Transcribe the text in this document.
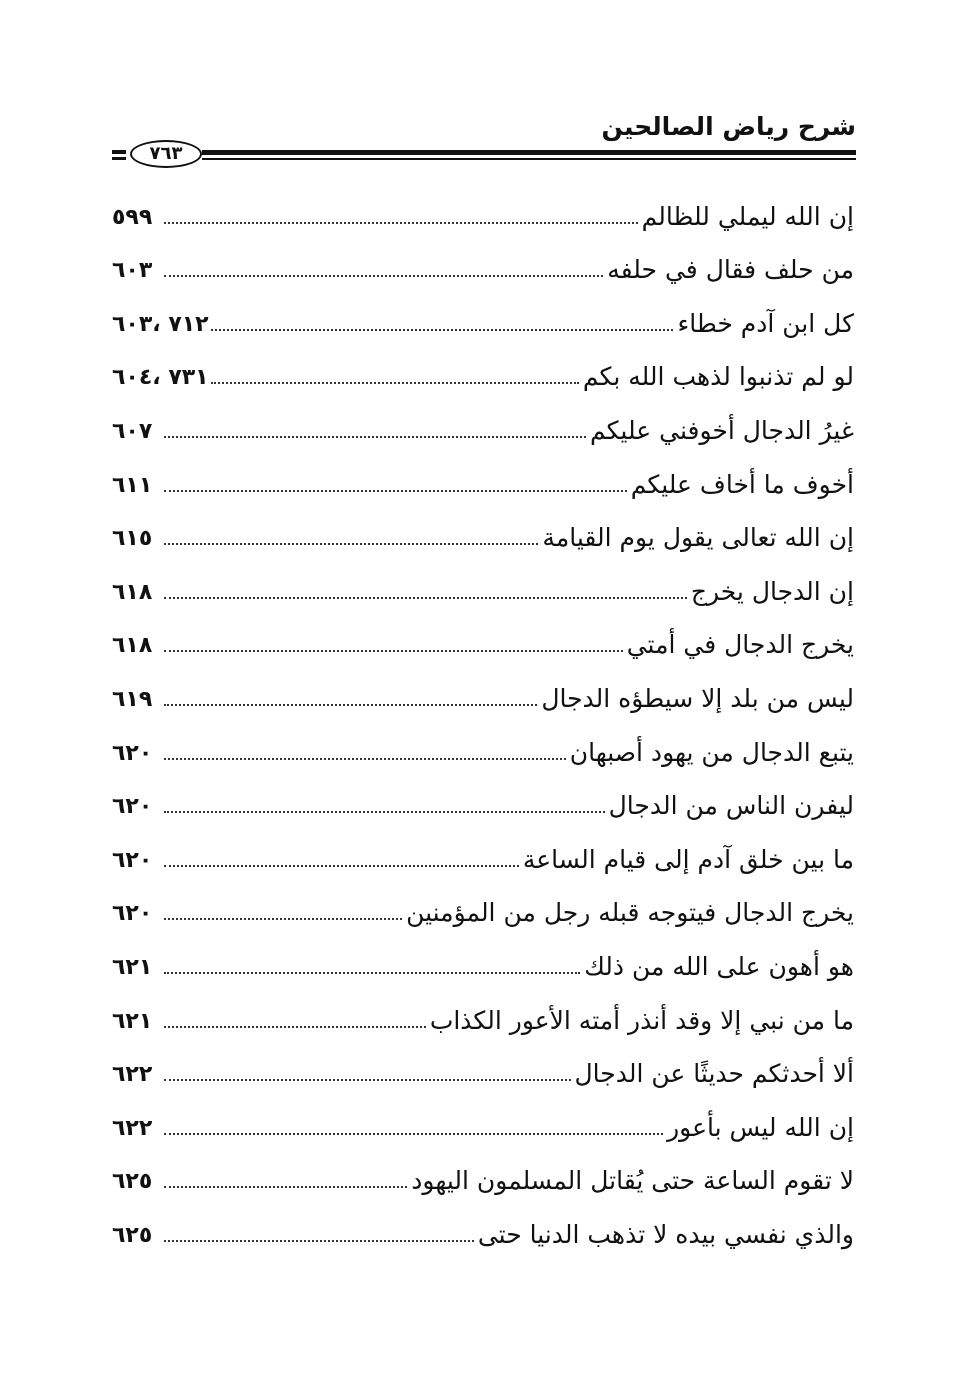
شرح رياض الصالحين
٧٦٣
إن الله ليملي للظالم
٥٩٩
من حلف فقال في حلفه
٦٠٣
كل ابن آدم خطاء
٧١٢ ،٦٠٣
لو لم تذنبوا لذهب الله بكم
٧٣١ ،٦٠٤
غيرُ الدجال أخوفني عليكم
٦٠٧
أخوف ما أخاف عليكم
٦١١
إن الله تعالى يقول يوم القيامة
٦١٥
إن الدجال يخرج
٦١٨
يخرج الدجال في أمتي
٦١٨
ليس من بلد إلا سيطؤه الدجال
٦١٩
يتبع الدجال من يهود أصبهان
٦٢٠
ليفرن الناس من الدجال
٦٢٠
ما بين خلق آدم إلى قيام الساعة
٦٢٠
يخرج الدجال فيتوجه قبله رجل من المؤمنين
٦٢٠
هو أهون على الله من ذلك
٦٢١
ما من نبي إلا وقد أنذر أمته الأعور الكذاب
٦٢١
ألا أحدثكم حديثًا عن الدجال
٦٢٢
إن الله ليس بأعور
٦٢٢
لا تقوم الساعة حتى يُقاتل المسلمون اليهود
٦٢٥
والذي نفسي بيده لا تذهب الدنيا حتى
٦٢٥
